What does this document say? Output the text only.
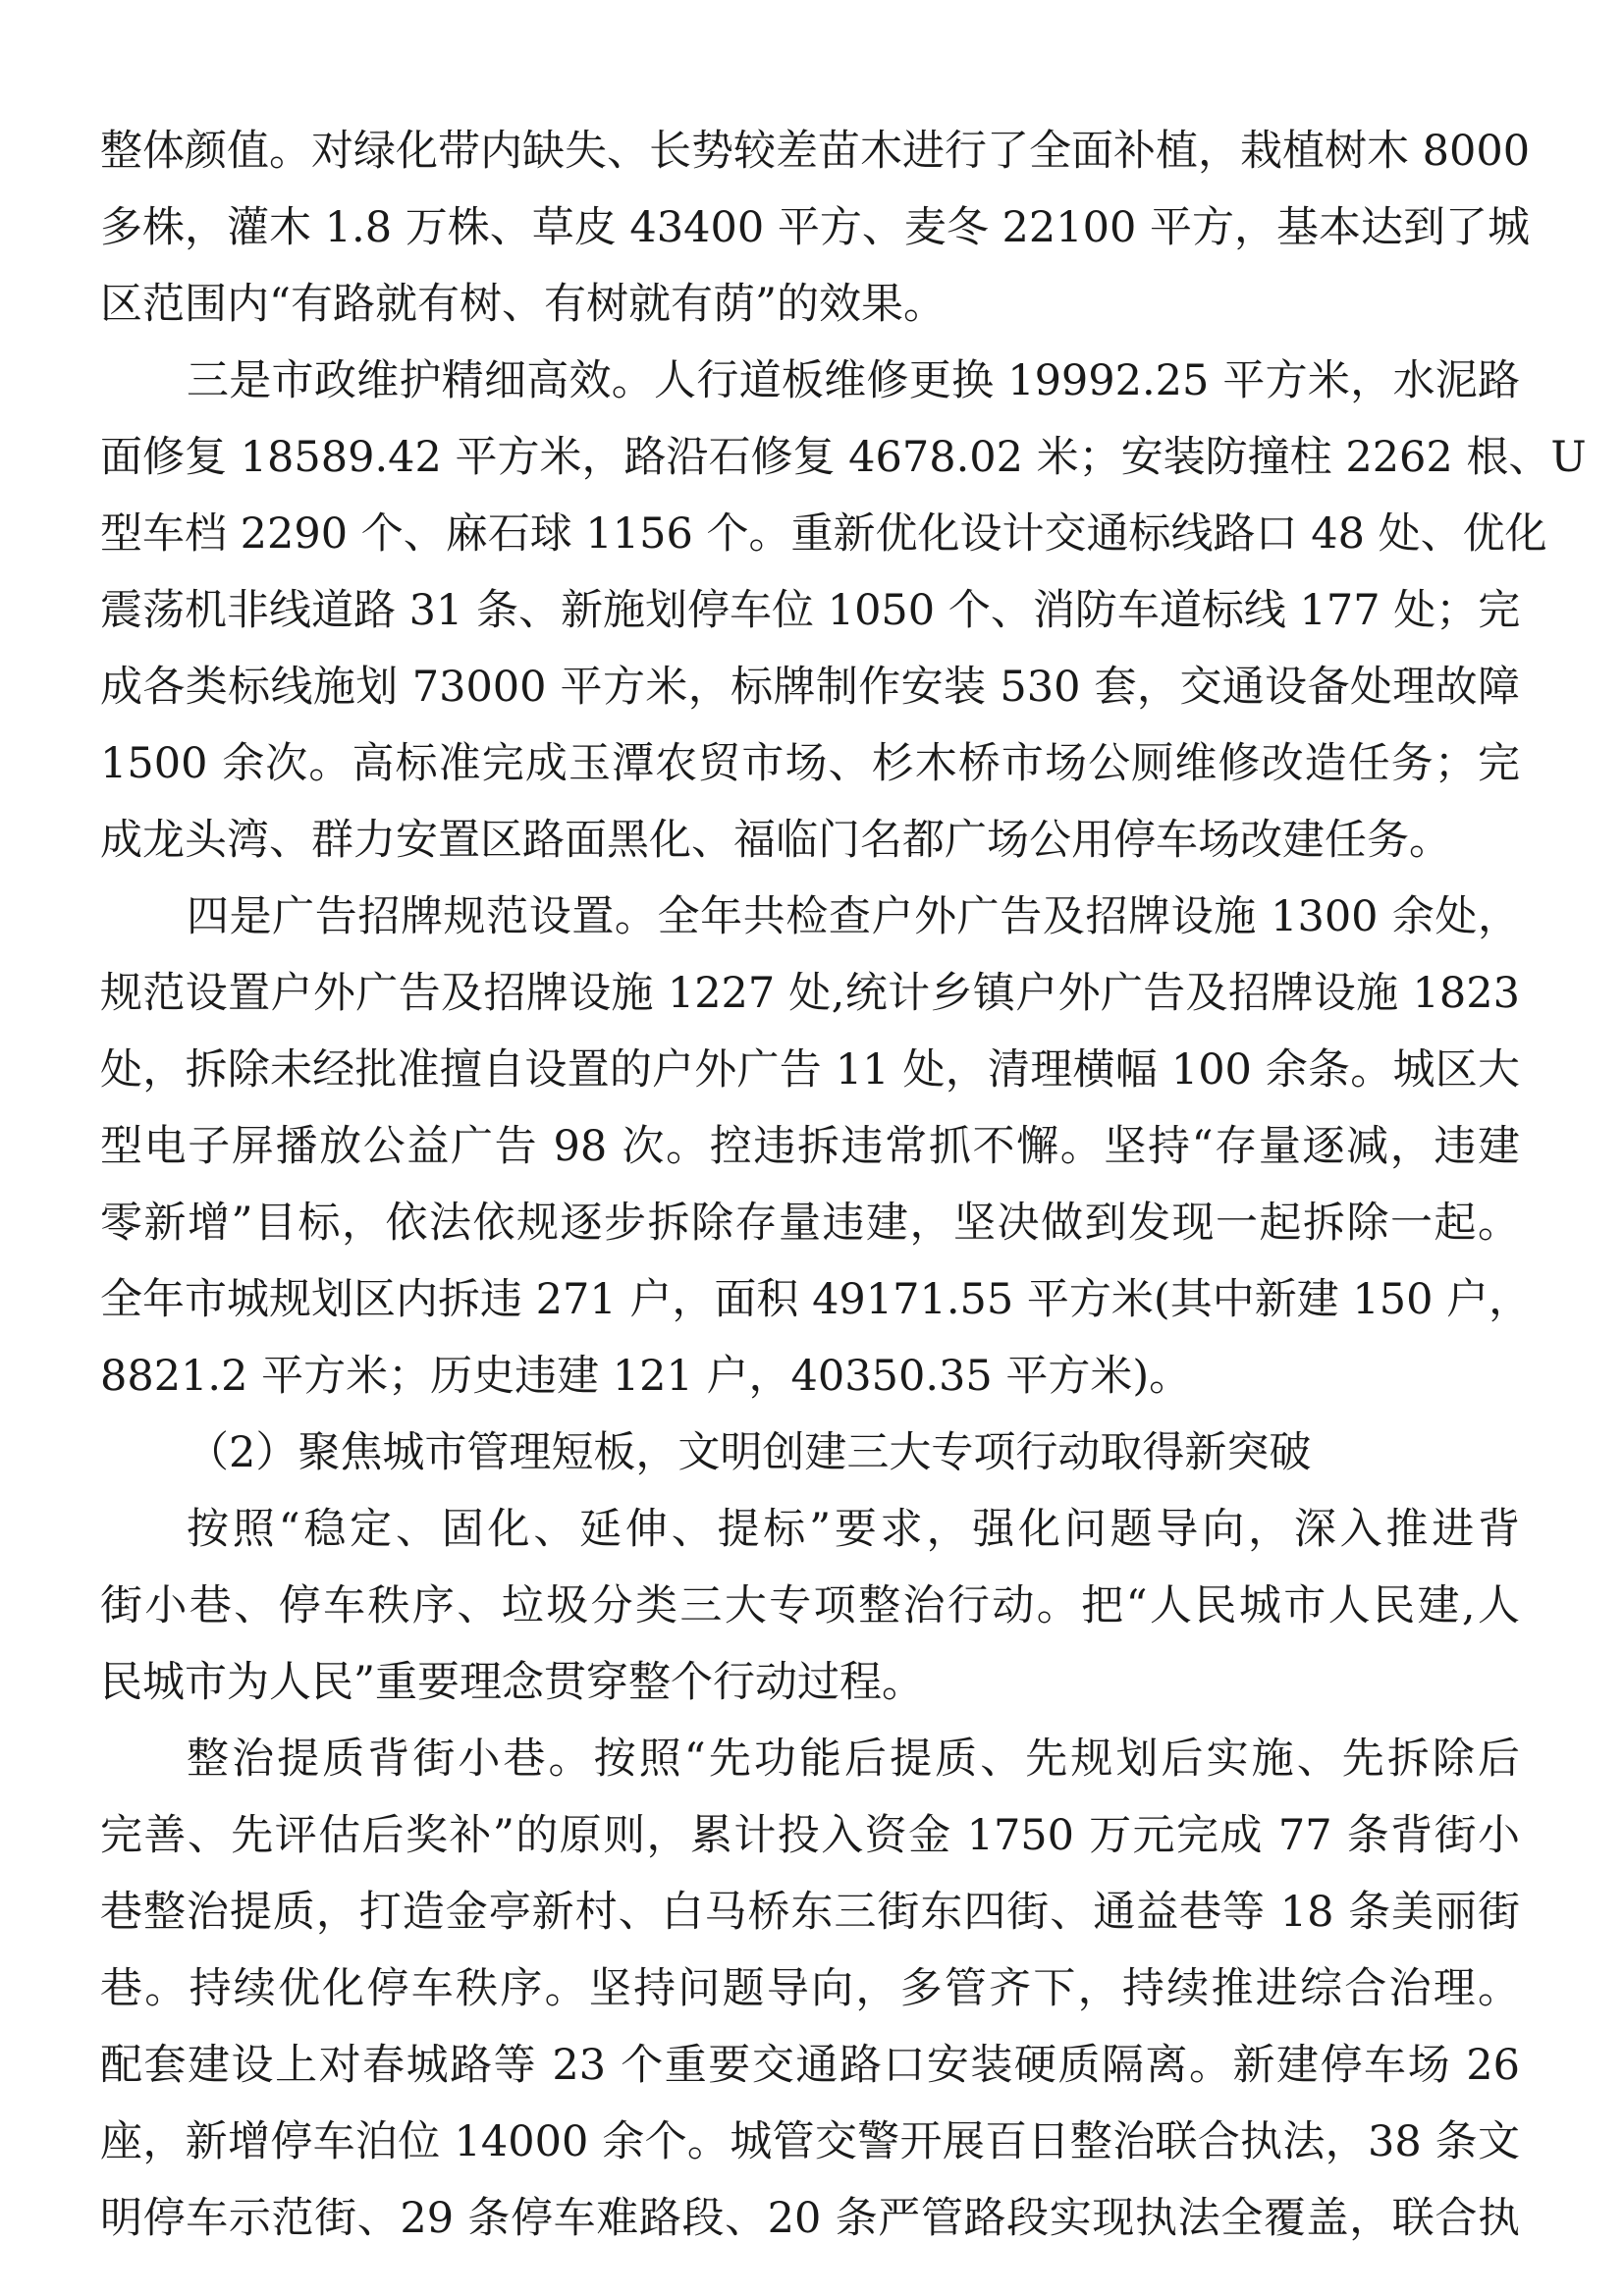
整体颜值。对绿化带内缺失、长势较差苗木进行了全面补植，栽植树木 8000
多株，灌木 1.8 万株、草皮 43400 平方、麦冬 22100 平方，基本达到了城
区范围内“有路就有树、有树就有荫”的效果。
三是市政维护精细高效。人行道板维修更换 19992.25 平方米，水泥路
面修复 18589.42 平方米，路沿石修复 4678.02 米；安装防撞柱 2262 根、U
型车档 2290 个、麻石球 1156 个。重新优化设计交通标线路口 48 处、优化
震荡机非线道路 31 条、新施划停车位 1050 个、消防车道标线 177 处；完
成各类标线施划 73000 平方米，标牌制作安装 530 套，交通设备处理故障
1500 余次。高标准完成玉潭农贸市场、杉木桥市场公厕维修改造任务；完
成龙头湾、群力安置区路面黑化、福临门名都广场公用停车场改建任务。
四是广告招牌规范设置。全年共检查户外广告及招牌设施 1300 余处，
规范设置户外广告及招牌设施 1227 处,统计乡镇户外广告及招牌设施 1823
处，拆除未经批准擅自设置的户外广告 11 处，清理横幅 100 余条。城区大
型电子屏播放公益广告 98 次。控违拆违常抓不懈。坚持“存量逐减，违建
零新增”目标，依法依规逐步拆除存量违建，坚决做到发现一起拆除一起。
全年市城规划区内拆违 271 户，面积 49171.55 平方米(其中新建 150 户，
8821.2 平方米；历史违建 121 户，40350.35 平方米)。
（2）聚焦城市管理短板，文明创建三大专项行动取得新突破
按照“稳定、固化、延伸、提标”要求，强化问题导向，深入推进背
街小巷、停车秩序、垃圾分类三大专项整治行动。把“人民城市人民建,人
民城市为人民”重要理念贯穿整个行动过程。
整治提质背街小巷。按照“先功能后提质、先规划后实施、先拆除后
完善、先评估后奖补”的原则，累计投入资金 1750 万元完成 77 条背街小
巷整治提质，打造金亭新村、白马桥东三街东四街、通益巷等 18 条美丽街
巷。持续优化停车秩序。坚持问题导向，多管齐下，持续推进综合治理。
配套建设上对春城路等 23 个重要交通路口安装硬质隔离。新建停车场 26
座，新增停车泊位 14000 余个。城管交警开展百日整治联合执法，38 条文
明停车示范街、29 条停车难路段、20 条严管路段实现执法全覆盖，联合执
